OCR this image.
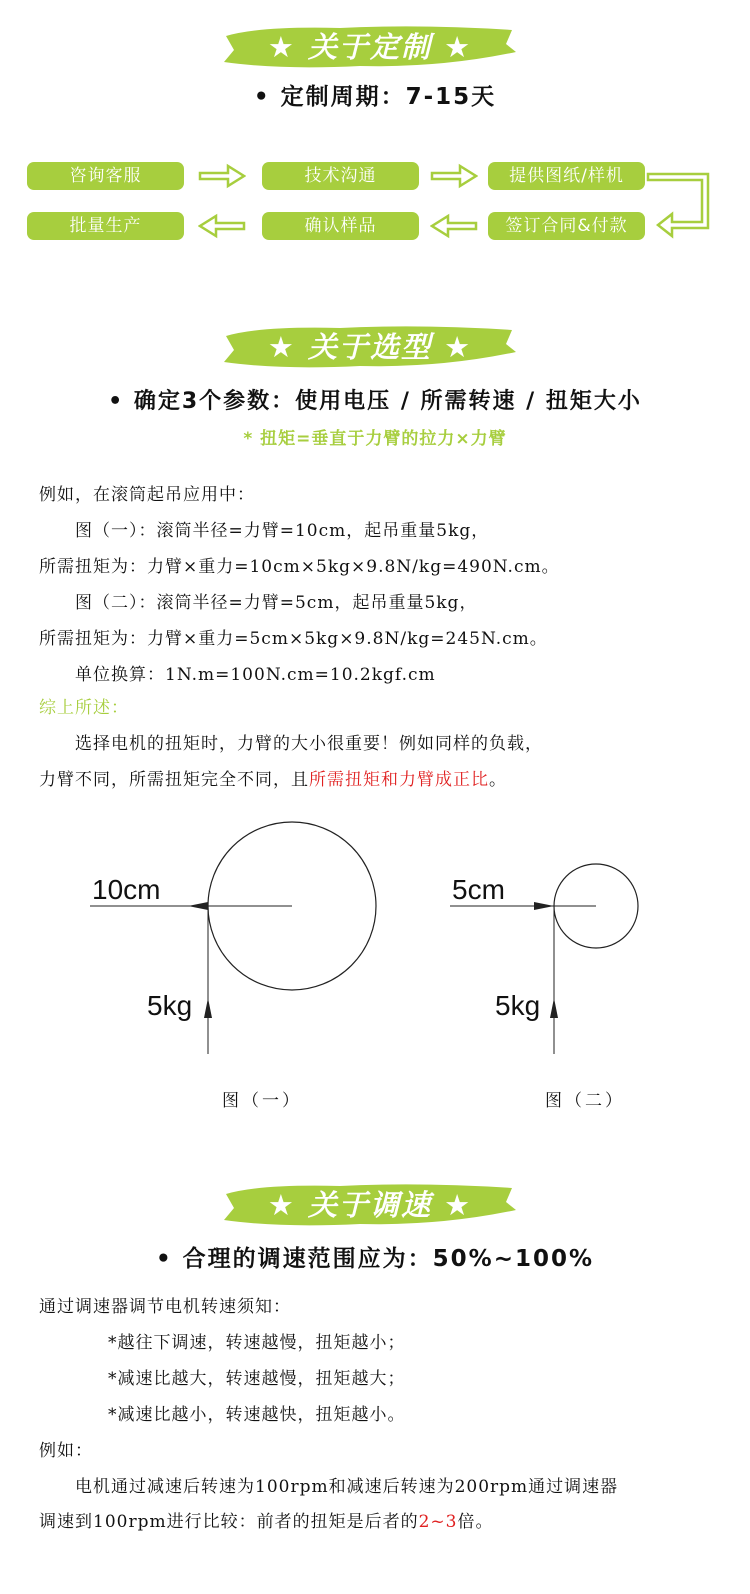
★ 关于定制 ★
• 定制周期：7-15天
咨询客服	技术沟通	提供图纸/样机
批量生产	确认样品	签订合同&付款
★ 关于选型 ★
• 确定3个参数：使用电压 / 所需转速 / 扭矩大小
* 扭矩=垂直于力臂的拉力×力臂
例如，在滚筒起吊应用中：
图（一）：滚筒半径=力臂=10cm，起吊重量5kg，
所需扭矩为：力臂×重力=10cm×5kg×9.8N/kg=490N.cm。
图（二）：滚筒半径=力臂=5cm，起吊重量5kg，
所需扭矩为：力臂×重力=5cm×5kg×9.8N/kg=245N.cm。
单位换算：1N.m=100N.cm=10.2kgf.cm
综上所述：
选择电机的扭矩时，力臂的大小很重要！例如同样的负载，
力臂不同，所需扭矩完全不同，且所需扭矩和力臂成正比。
10cm
5kg
图（一）
5cm
5kg
图（二）
★ 关于调速 ★
• 合理的调速范围应为：50%~100%
通过调速器调节电机转速须知：
*越往下调速，转速越慢，扭矩越小；
*减速比越大，转速越慢，扭矩越大；
*减速比越小，转速越快，扭矩越小。
例如：
电机通过减速后转速为100rpm和减速后转速为200rpm通过调速器
调速到100rpm进行比较：前者的扭矩是后者的2~3倍。
